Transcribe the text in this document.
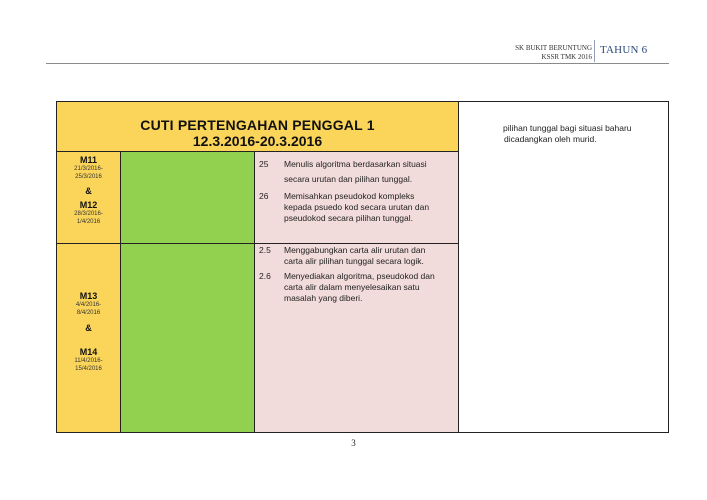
SK BUKIT BERUNTUNG
KSSR TMK 2016
TAHUN 6
CUTI PERTENGAHAN PENGGAL 1
12.3.2016-20.3.2016
pilihan tunggal bagi situasi baharu
dicadangkan oleh murid.
M11
21/3/2016-
25/3/2016
&
M12
28/3/2016-
1/4/2016
25 Menulis algoritma berdasarkan situasi
secara urutan dan pilihan tunggal.
26 Memisahkan pseudokod kompleks
kepada psuedo kod secara urutan dan
pseudokod secara pilihan tunggal.
M13
4/4/2016-
8/4/2016
&
M14
11/4/2016-
15/4/2016
2.5 Menggabungkan carta alir urutan dan
carta alir pilihan tunggal secara logik.
2.6 Menyediakan algoritma, pseudokod dan
carta alir dalam menyelesaikan satu
masalah yang diberi.
3
